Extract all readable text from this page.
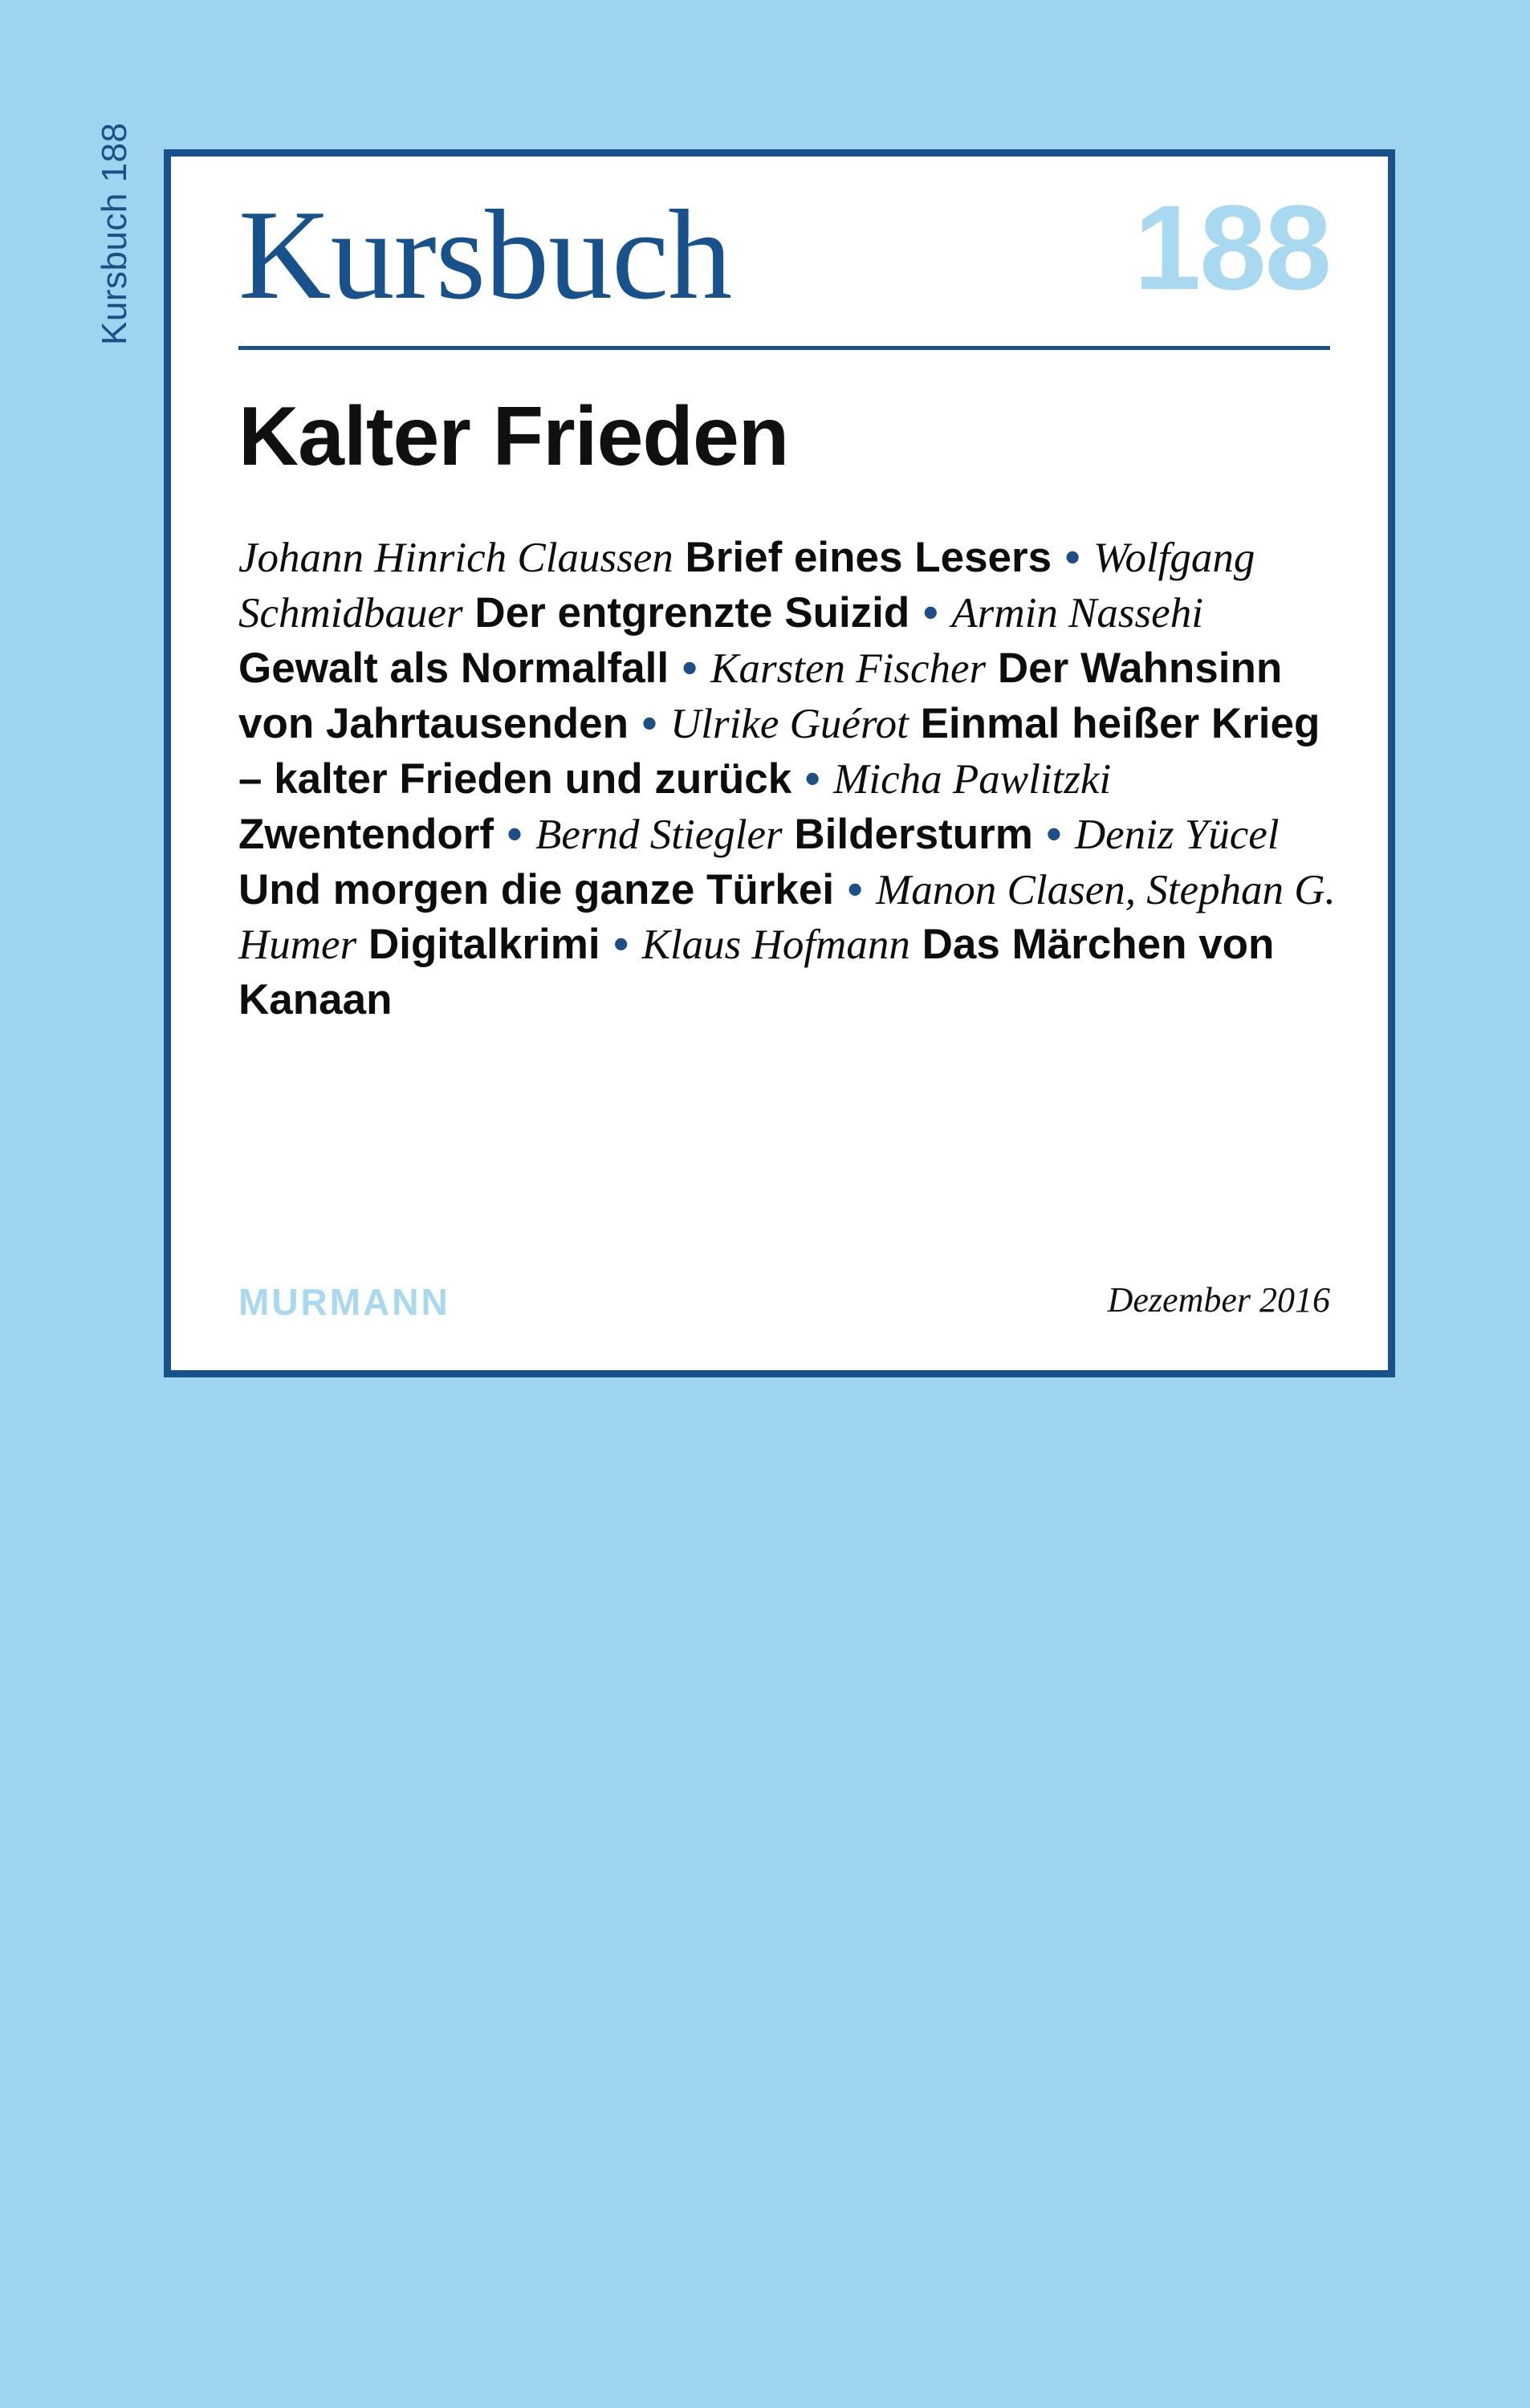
Kursbuch 188 Kursbuch	188
Kalter Frieden
Johann Hinrich Claussen Brief eines Lesers • Wolfgang Schmidbauer Der entgrenzte Suizid • Armin Nassehi Gewalt als Normalfall • Karsten Fischer Der Wahnsinn von Jahrtausenden • Ulrike Guérot Einmal heißer Krieg – kalter Frieden und zurück • Micha Pawlitzki Zwentendorf • Bernd Stiegler Bildersturm • Deniz Yücel Und morgen die ganze Türkei • Manon Clasen, Stephan G. Humer Digitalkrimi • Klaus Hofmann Das Märchen von Kanaan
MURMANN	Dezember 2016
